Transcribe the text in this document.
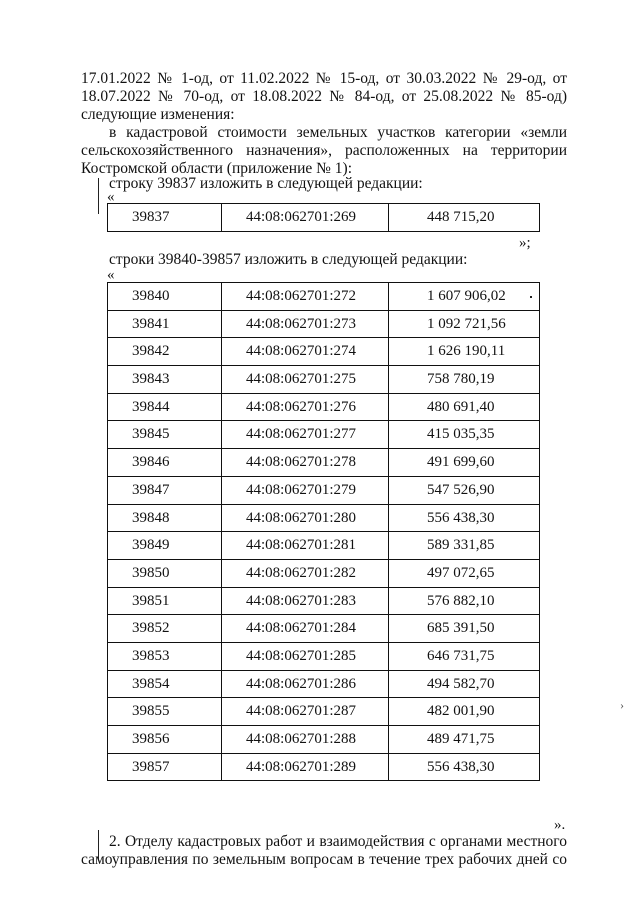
17.01.2022 № 1-од, от 11.02.2022 № 15-од, от 30.03.2022 № 29-од, от
18.07.2022 № 70-од, от 18.08.2022 № 84-од, от 25.08.2022 № 85-од)
следующие изменения:
в кадастровой стоимости земельных участков категории «земли
сельскохозяйственного назначения», расположенных на территории
Костромской области (приложение № 1):
строку 39837 изложить в следующей редакции:
«
39837	44:08:062701:269	448 715,20
»;
строки 39840-39857 изложить в следующей редакции:
«
39840	44:08:062701:272	1 607 906,02

39841	44:08:062701:273	1 092 721,56

39842	44:08:062701:274	1 626 190,11

39843	44:08:062701:275	758 780,19

39844	44:08:062701:276	480 691,40

39845	44:08:062701:277	415 035,35

39846	44:08:062701:278	491 699,60

39847	44:08:062701:279	547 526,90

39848	44:08:062701:280	556 438,30

39849	44:08:062701:281	589 331,85

39850	44:08:062701:282	497 072,65

39851	44:08:062701:283	576 882,10

39852	44:08:062701:284	685 391,50

39853	44:08:062701:285	646 731,75

39854	44:08:062701:286	494 582,70

39855	44:08:062701:287	482 001,90

39856	44:08:062701:288	489 471,75

39857	44:08:062701:289	556 438,30
».
2. Отделу кадастровых работ и взаимодействия с органами местного
самоуправления по земельным вопросам в течение трех рабочих дней со
›
